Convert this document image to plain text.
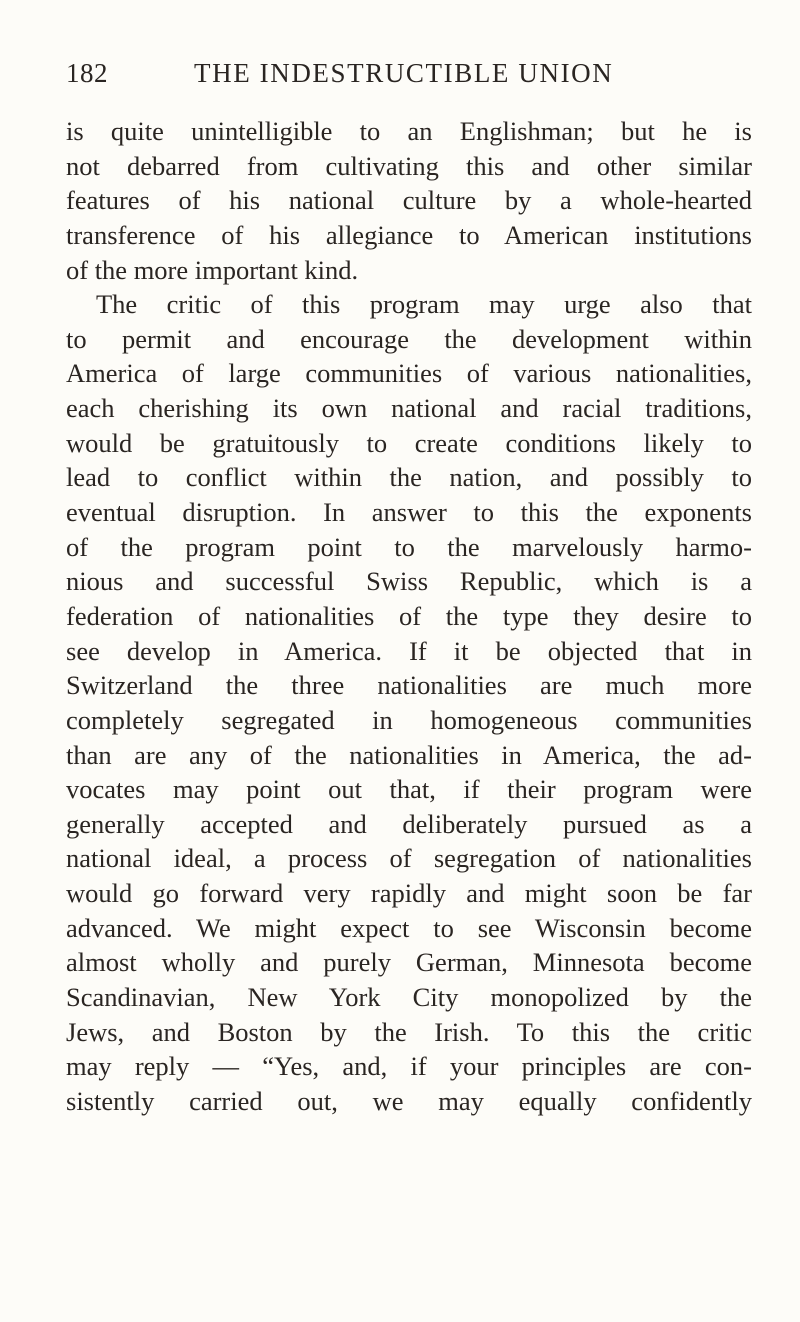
182	THE INDESTRUCTIBLE UNION
is quite unintelligible to an Englishman; but he is
not debarred from cultivating this and other similar
features of his national culture by a whole-hearted
transference of his allegiance to American institutions
of the more important kind.
The critic of this program may urge also that
to permit and encourage the development within
America of large communities of various nationalities,
each cherishing its own national and racial traditions,
would be gratuitously to create conditions likely to
lead to conflict within the nation, and possibly to
eventual disruption. In answer to this the exponents
of the program point to the marvelously harmo-
nious and successful Swiss Republic, which is a
federation of nationalities of the type they desire to
see develop in America. If it be objected that in
Switzerland the three nationalities are much more
completely segregated in homogeneous communities
than are any of the nationalities in America, the ad-
vocates may point out that, if their program were
generally accepted and deliberately pursued as a
national ideal, a process of segregation of nationalities
would go forward very rapidly and might soon be far
advanced. We might expect to see Wisconsin become
almost wholly and purely German, Minnesota become
Scandinavian, New York City monopolized by the
Jews, and Boston by the Irish. To this the critic
may reply — “Yes, and, if your principles are con-
sistently carried out, we may equally confidently
